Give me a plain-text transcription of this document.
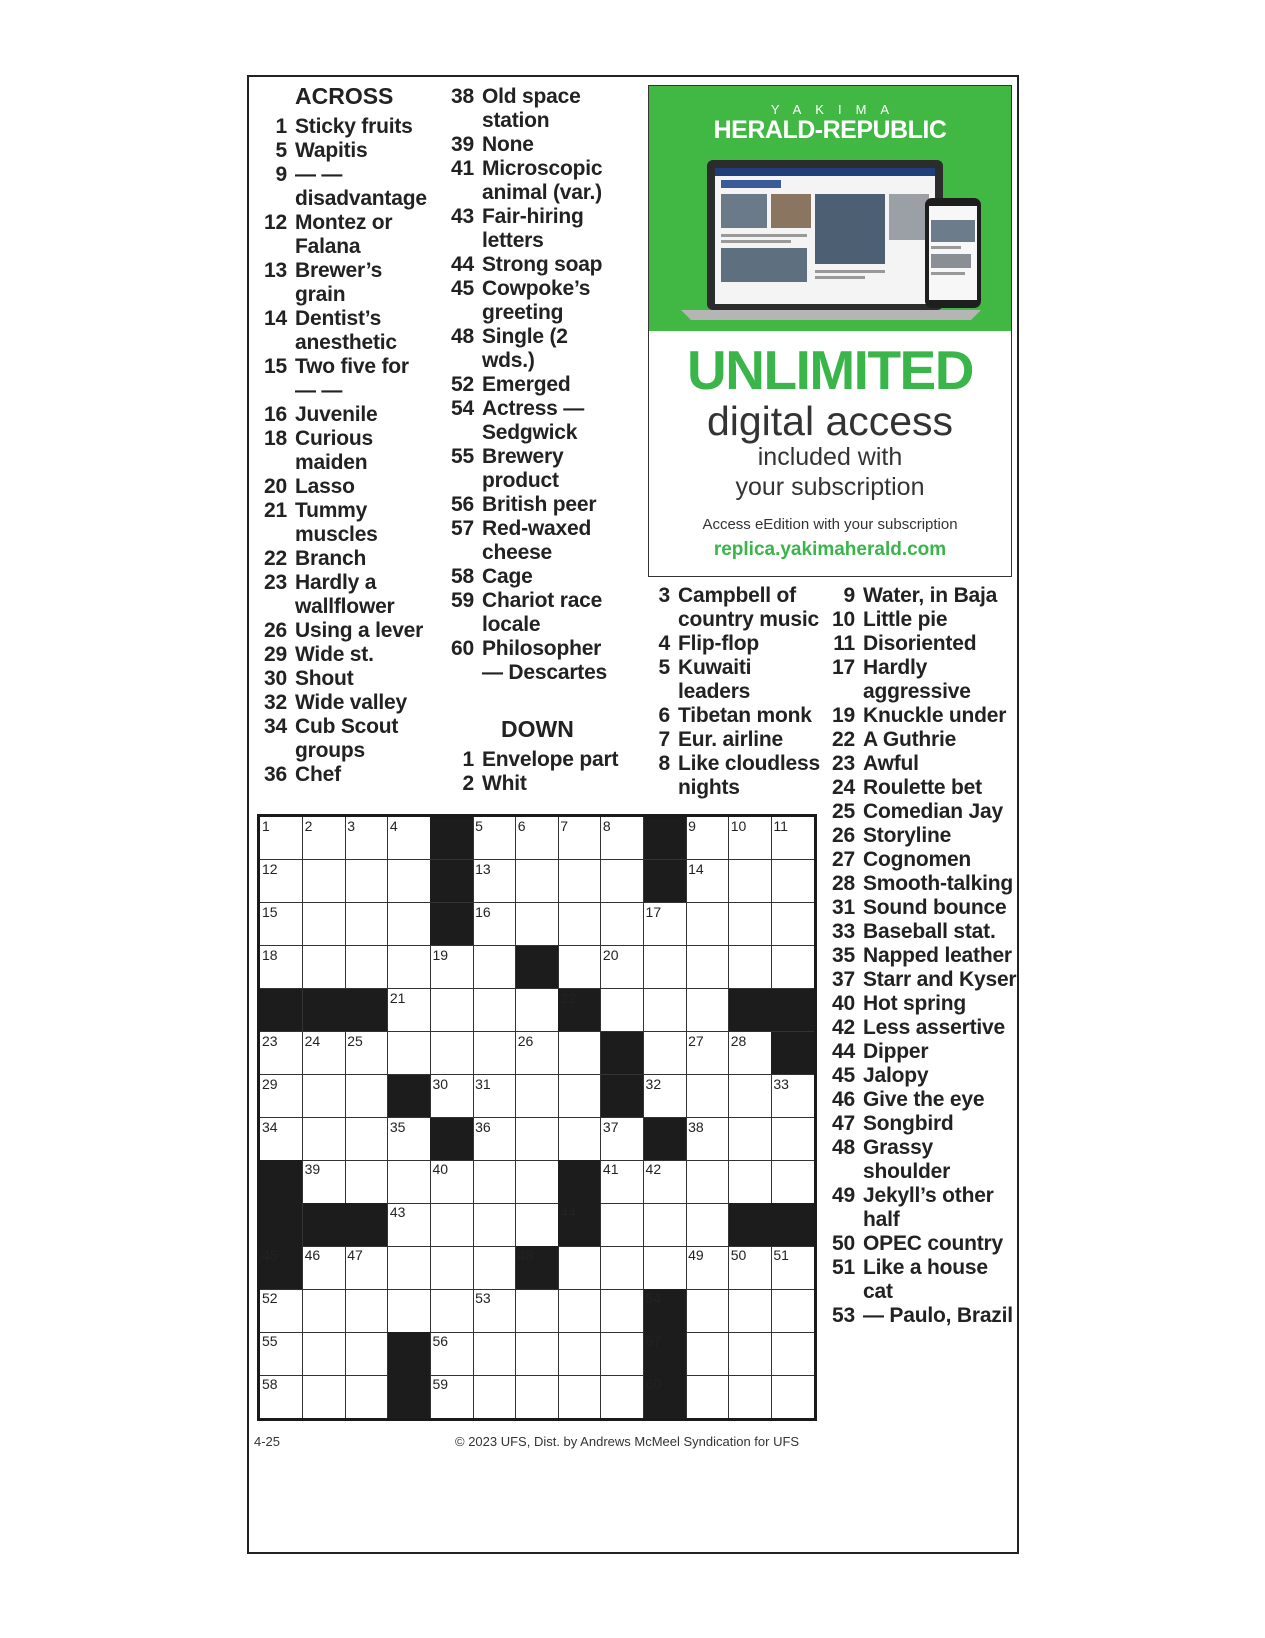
ACROSS
1 Sticky fruits
5 Wapitis
9 — — disadvantage
12 Montez or Falana
13 Brewer’s grain
14 Dentist’s anesthetic
15 Two five for — —
16 Juvenile
18 Curious maiden
20 Lasso
21 Tummy muscles
22 Branch
23 Hardly a wallflower
26 Using a lever
29 Wide st.
30 Shout
32 Wide valley
34 Cub Scout groups
36 Chef
38 Old space station
39 None
41 Microscopic animal (var.)
43 Fair-hiring letters
44 Strong soap
45 Cowpoke’s greeting
48 Single (2 wds.)
52 Emerged
54 Actress — Sedgwick
55 Brewery product
56 British peer
57 Red-waxed cheese
58 Cage
59 Chariot race locale
60 Philosopher — Descartes
DOWN
1 Envelope part
2 Whit
3 Campbell of country music
4 Flip-flop
5 Kuwaiti leaders
6 Tibetan monk
7 Eur. airline
8 Like cloudless nights
9 Water, in Baja
10 Little pie
11 Disoriented
17 Hardly aggressive
19 Knuckle under
22 A Guthrie
23 Awful
24 Roulette bet
25 Comedian Jay
26 Storyline
27 Cognomen
28 Smooth-talking
31 Sound bounce
33 Baseball stat.
35 Napped leather
37 Starr and Kyser
40 Hot spring
42 Less assertive
44 Dipper
45 Jalopy
46 Give the eye
47 Songbird
48 Grassy shoulder
49 Jekyll’s other half
50 OPEC country
51 Like a house cat
53 — Paulo, Brazil
YAKIMA
HERALD-REPUBLIC
UNLIMITED
digital access
included with
your subscription
Access eEdition with your subscription
replica.yakimaherald.com
1 2 3 4	5 6 7 8	9 10 11
12	13	14
15	16	17
18	19	20
21	22
23 24 25	26	27 28
29	30 31	32	33
34	35	36	37	38
39	40	41 42
43	44
45 46 47	48	49 50 51
52	53	54
55	56	57
58	59	60
4-25	© 2023 UFS, Dist. by Andrews McMeel Syndication for UFS
